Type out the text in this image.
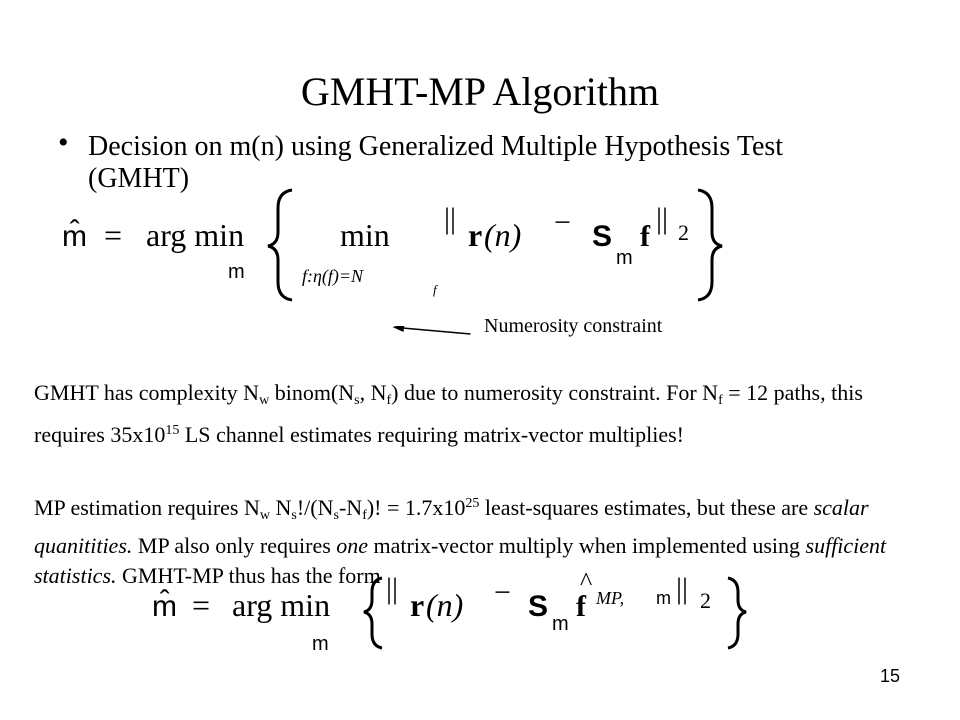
GMHT-MP Algorithm
• Decision on m(n) using Generalized Multiple Hypothesis Test
(GMHT)
m̂ = arg min
m
min
f:η(f)=N
f
|| r (n) − S
m
f
|| 2
Numerosity constraint
GMHT has complexity $N_w$ $binom(N_s$, $N_f$) due to numerosity constraint. For $N_f = 12$ paths, this requires $35x10^{15}$ LS channel estimates requiring matrix-vector multiplies!
MP estimation requires $N_w$ $N_s!/(N_s-N_f)$! = $1.7x10^{25}$ least-squares estimates, but these are scalar quanitities. MP also only requires one matrix-vector multiply when implemented using sufficient statistics. GMHT-MP thus has the form
m̂ = arg min
m
|| r (n) − S
m
f
^
MP, m || 2
15
